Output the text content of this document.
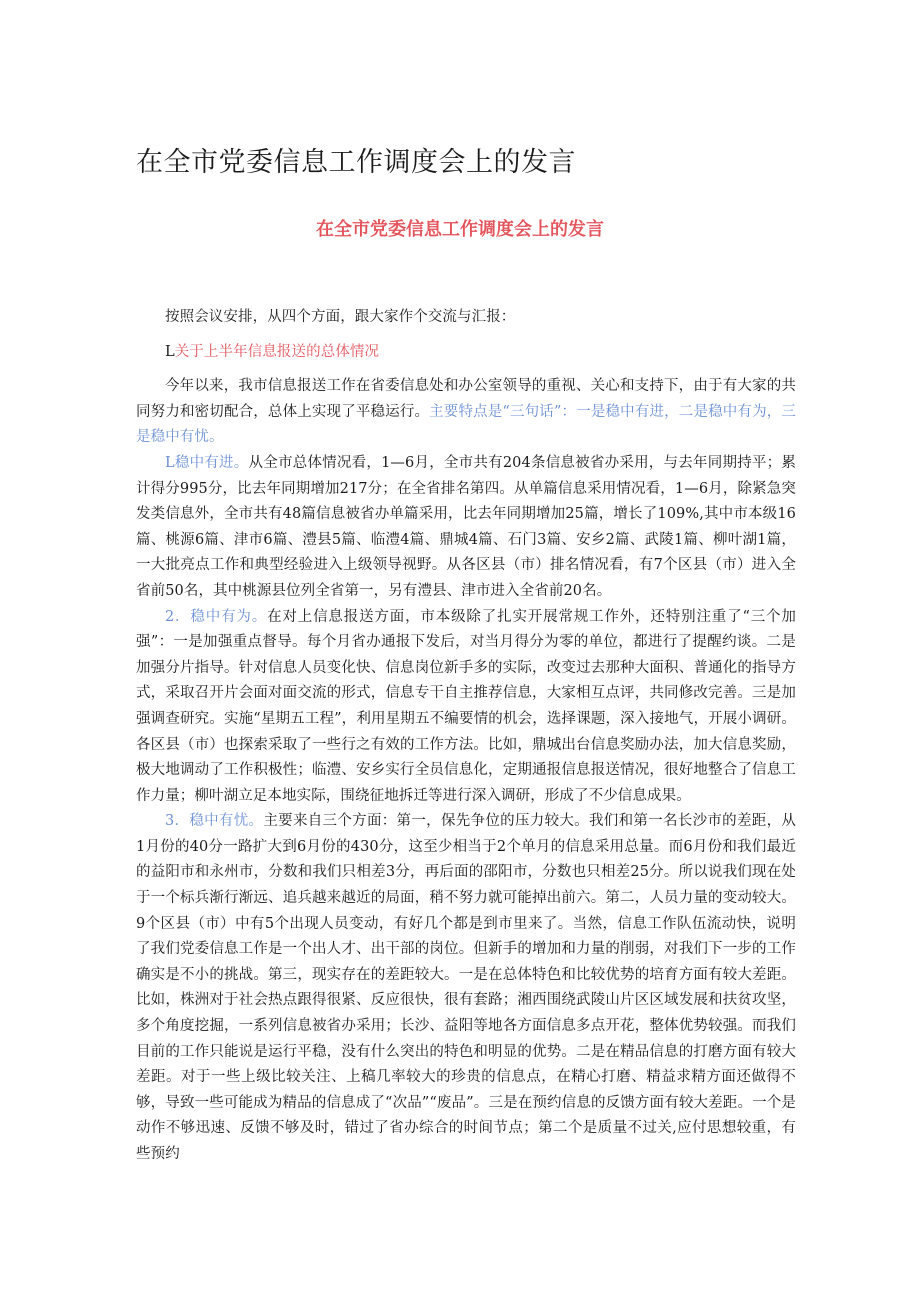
在全市党委信息工作调度会上的发言
在全市党委信息工作调度会上的发言

按照会议安排，从四个方面，跟大家作个交流与汇报：

L关于上半年信息报送的总体情况

今年以来，我市信息报送工作在省委信息处和办公室领导的重视、关心和支持下，由于有大家的共同努力和密切配合，总体上实现了平稳运行。主要特点是“三句话”：一是稳中有进，二是稳中有为，三是稳中有忧。

L稳中有进。从全市总体情况看，1—6月，全市共有204条信息被省办采用，与去年同期持平；累计得分995分，比去年同期增加217分；在全省排名第四。从单篇信息采用情况看，1—6月，除紧急突发类信息外，全市共有48篇信息被省办单篇采用，比去年同期增加25篇，增长了109%,其中市本级16篇、桃源6篇、津市6篇、澧县5篇、临澧4篇、鼎城4篇、石门3篇、安乡2篇、武陵1篇、柳叶湖1篇，一大批亮点工作和典型经验进入上级领导视野。从各区县（市）排名情况看，有7个区县（市）进入全省前50名，其中桃源县位列全省第一，另有澧县、津市进入全省前20名。

2．稳中有为。在对上信息报送方面，市本级除了扎实开展常规工作外，还特别注重了“三个加强”：一是加强重点督导。每个月省办通报下发后，对当月得分为零的单位，都进行了提醒约谈。二是加强分片指导。针对信息人员变化快、信息岗位新手多的实际，改变过去那种大面积、普通化的指导方式，采取召开片会面对面交流的形式，信息专干自主推荐信息，大家相互点评，共同修改完善。三是加强调查研究。实施“星期五工程”，利用星期五不编要情的机会，选择课题，深入接地气，开展小调研。各区县（市）也探索采取了一些行之有效的工作方法。比如，鼎城出台信息奖励办法，加大信息奖励，极大地调动了工作积极性；临澧、安乡实行全员信息化，定期通报信息报送情况，很好地整合了信息工作力量；柳叶湖立足本地实际，围绕征地拆迁等进行深入调研，形成了不少信息成果。

3．稳中有忧。主要来自三个方面：第一，保先争位的压力较大。我们和第一名长沙市的差距，从1月份的40分一路扩大到6月份的430分，这至少相当于2个单月的信息采用总量。而6月份和我们最近的益阳市和永州市，分数和我们只相差3分，再后面的邵阳市，分数也只相差25分。所以说我们现在处于一个标兵渐行渐远、追兵越来越近的局面，稍不努力就可能掉出前六。第二，人员力量的变动较大。9个区县（市）中有5个出现人员变动，有好几个都是到市里来了。当然，信息工作队伍流动快，说明了我们党委信息工作是一个出人才、出干部的岗位。但新手的增加和力量的削弱，对我们下一步的工作确实是不小的挑战。第三，现实存在的差距较大。一是在总体特色和比较优势的培育方面有较大差距。比如，株洲对于社会热点跟得很紧、反应很快，很有套路；湘西围绕武陵山片区区域发展和扶贫攻坚，多个角度挖掘，一系列信息被省办采用；长沙、益阳等地各方面信息多点开花，整体优势较强。而我们目前的工作只能说是运行平稳，没有什么突出的特色和明显的优势。二是在精品信息的打磨方面有较大差距。对于一些上级比较关注、上稿几率较大的珍贵的信息点，在精心打磨、精益求精方面还做得不够，导致一些可能成为精品的信息成了“次品”“废品”。三是在预约信息的反馈方面有较大差距。一个是动作不够迅速、反馈不够及时，错过了省办综合的时间节点；第二个是质量不过关,应付思想较重，有些预约
